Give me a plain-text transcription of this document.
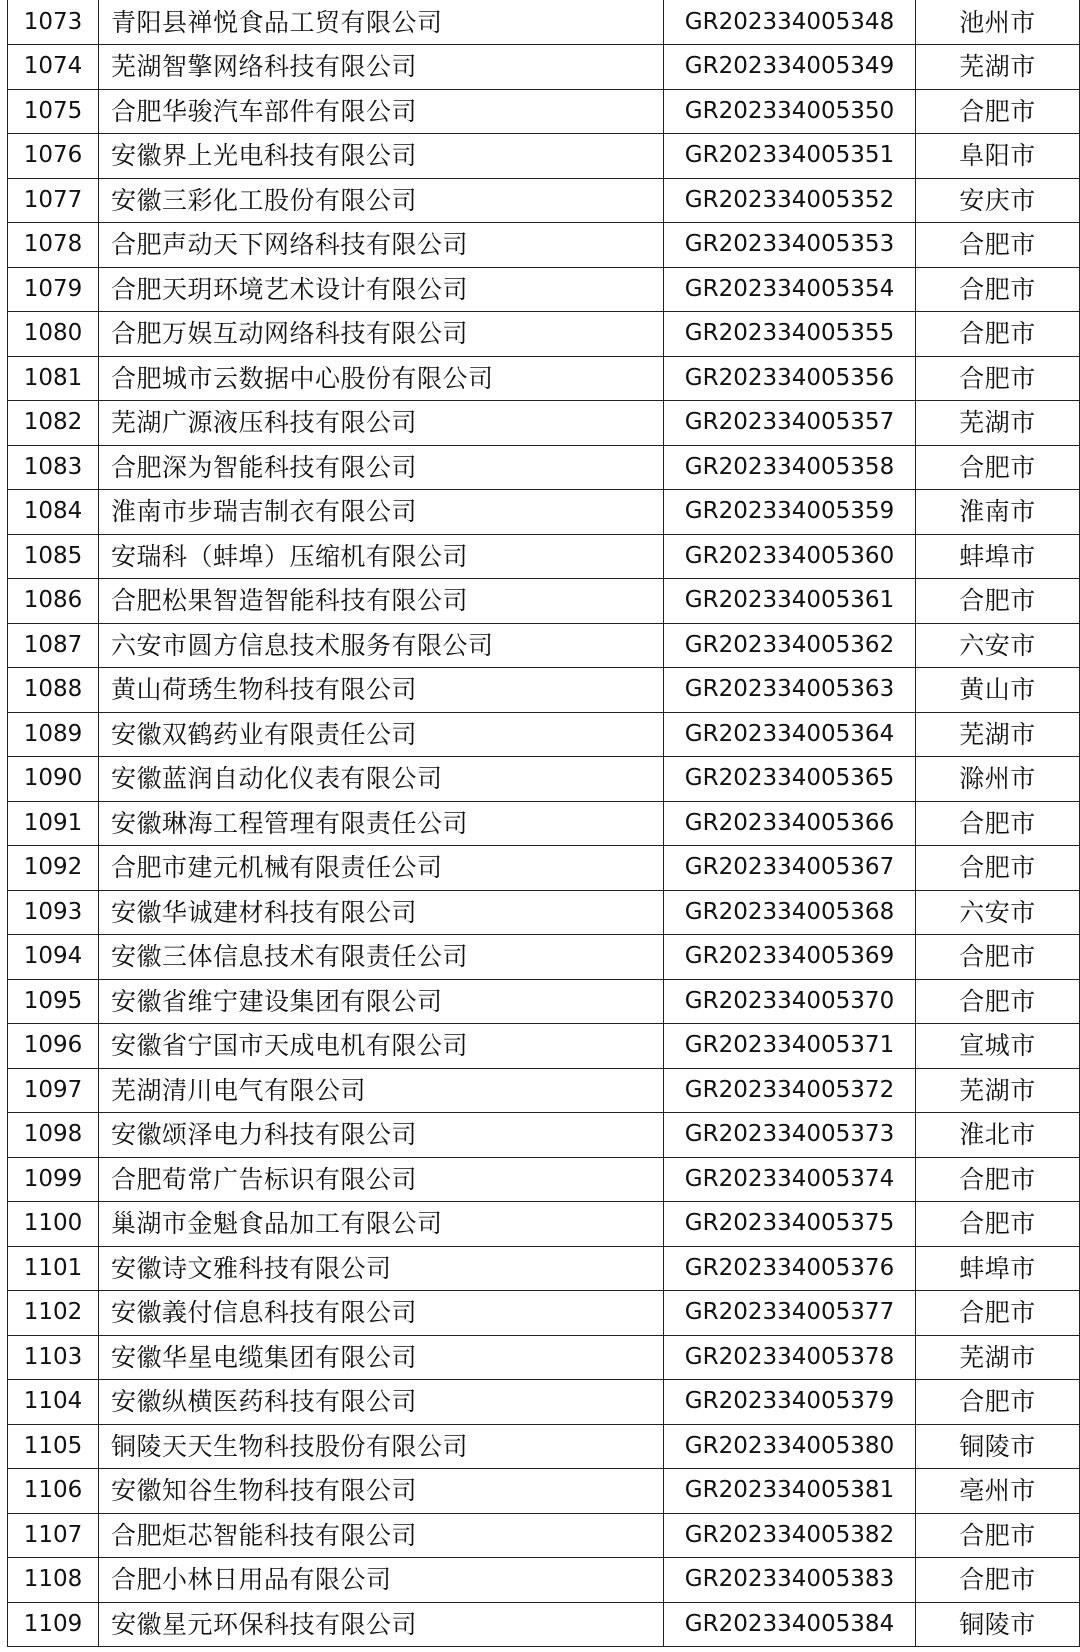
1073	青阳县禅悦食品工贸有限公司	GR202334005348	池州市
1074	芜湖智擎网络科技有限公司	GR202334005349	芜湖市
1075	合肥华骏汽车部件有限公司	GR202334005350	合肥市
1076	安徽界上光电科技有限公司	GR202334005351	阜阳市
1077	安徽三彩化工股份有限公司	GR202334005352	安庆市
1078	合肥声动天下网络科技有限公司	GR202334005353	合肥市
1079	合肥天玥环境艺术设计有限公司	GR202334005354	合肥市
1080	合肥万娱互动网络科技有限公司	GR202334005355	合肥市
1081	合肥城市云数据中心股份有限公司	GR202334005356	合肥市
1082	芜湖广源液压科技有限公司	GR202334005357	芜湖市
1083	合肥深为智能科技有限公司	GR202334005358	合肥市
1084	淮南市步瑞吉制衣有限公司	GR202334005359	淮南市
1085	安瑞科（蚌埠）压缩机有限公司	GR202334005360	蚌埠市
1086	合肥松果智造智能科技有限公司	GR202334005361	合肥市
1087	六安市圆方信息技术服务有限公司	GR202334005362	六安市
1088	黄山荷琇生物科技有限公司	GR202334005363	黄山市
1089	安徽双鹤药业有限责任公司	GR202334005364	芜湖市
1090	安徽蓝润自动化仪表有限公司	GR202334005365	滁州市
1091	安徽琳海工程管理有限责任公司	GR202334005366	合肥市
1092	合肥市建元机械有限责任公司	GR202334005367	合肥市
1093	安徽华诚建材科技有限公司	GR202334005368	六安市
1094	安徽三体信息技术有限责任公司	GR202334005369	合肥市
1095	安徽省维宁建设集团有限公司	GR202334005370	合肥市
1096	安徽省宁国市天成电机有限公司	GR202334005371	宣城市
1097	芜湖清川电气有限公司	GR202334005372	芜湖市
1098	安徽颂泽电力科技有限公司	GR202334005373	淮北市
1099	合肥荀常广告标识有限公司	GR202334005374	合肥市
1100	巢湖市金魁食品加工有限公司	GR202334005375	合肥市
1101	安徽诗文雅科技有限公司	GR202334005376	蚌埠市
1102	安徽義付信息科技有限公司	GR202334005377	合肥市
1103	安徽华星电缆集团有限公司	GR202334005378	芜湖市
1104	安徽纵横医药科技有限公司	GR202334005379	合肥市
1105	铜陵天天生物科技股份有限公司	GR202334005380	铜陵市
1106	安徽知谷生物科技有限公司	GR202334005381	亳州市
1107	合肥炬芯智能科技有限公司	GR202334005382	合肥市
1108	合肥小林日用品有限公司	GR202334005383	合肥市
1109	安徽星元环保科技有限公司	GR202334005384	铜陵市
